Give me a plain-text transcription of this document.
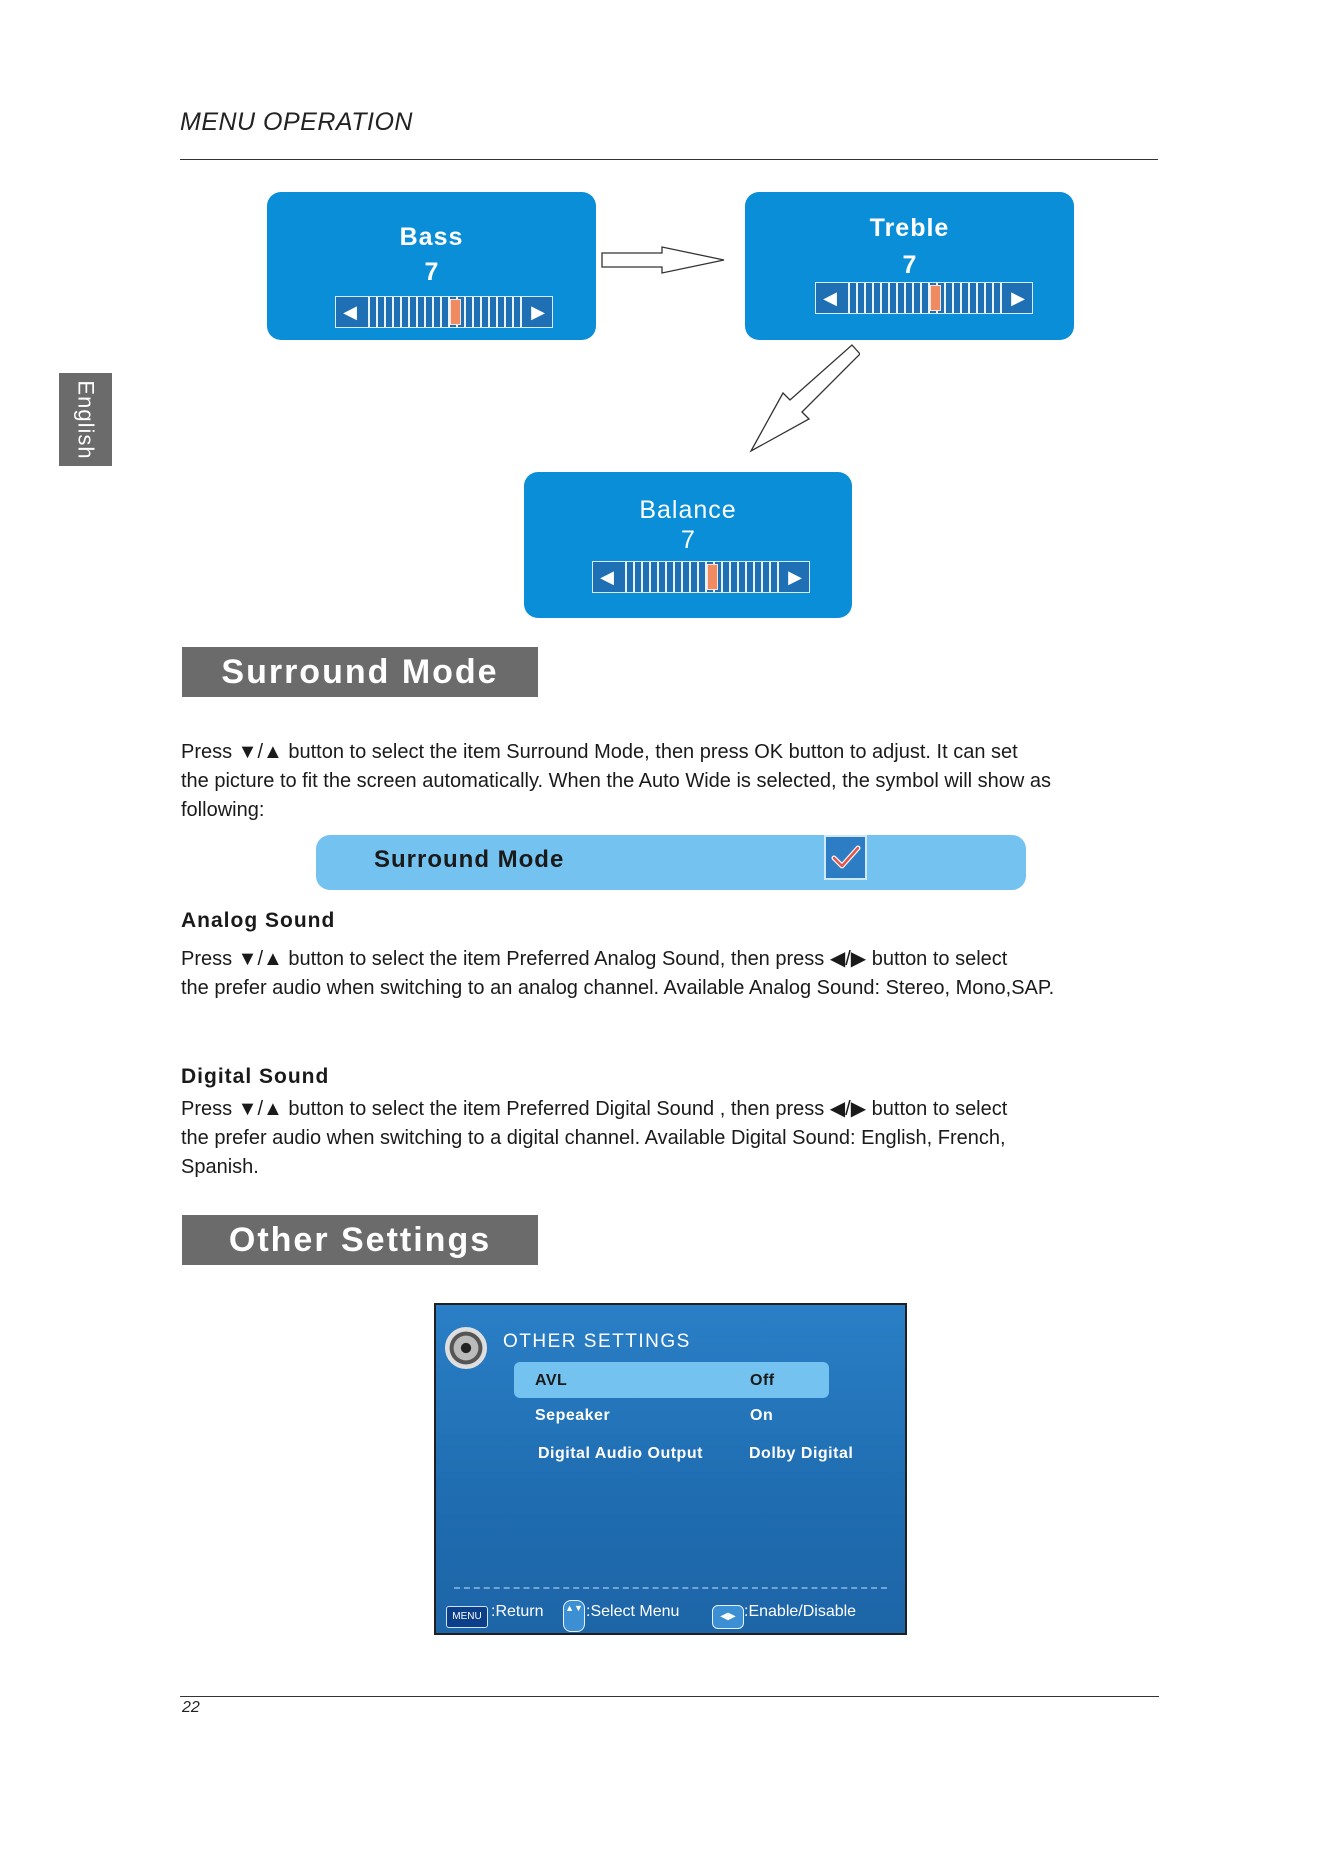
MENU OPERATION
English
Bass
7
◀	▶
Treble
7
◀	▶
Balance
7
◀	▶
Surround Mode

Press ▼/▲ button to select the item Surround Mode, then press OK button to adjust. It can set

the picture to fit the screen automatically. When the Auto Wide is selected, the symbol will show as

following:

Surround Mode
Analog Sound

Press ▼/▲ button to select the item Preferred Analog Sound, then press ◀/▶ button to select

the prefer audio when switching to an analog channel. Available Analog Sound: Stereo, Mono,SAP.

Digital Sound

Press ▼/▲ button to select the item Preferred Digital Sound , then press ◀/▶ button to select

the prefer audio when switching to a digital channel. Available Digital Sound: English, French,

Spanish.

Other Settings
OTHER SETTINGS
AVL	Off
Sepeaker	On
Digital Audio Output	Dolby Digital
MENU :Return ▲▼ :Select Menu	◀▶ :Enable/Disable
22
